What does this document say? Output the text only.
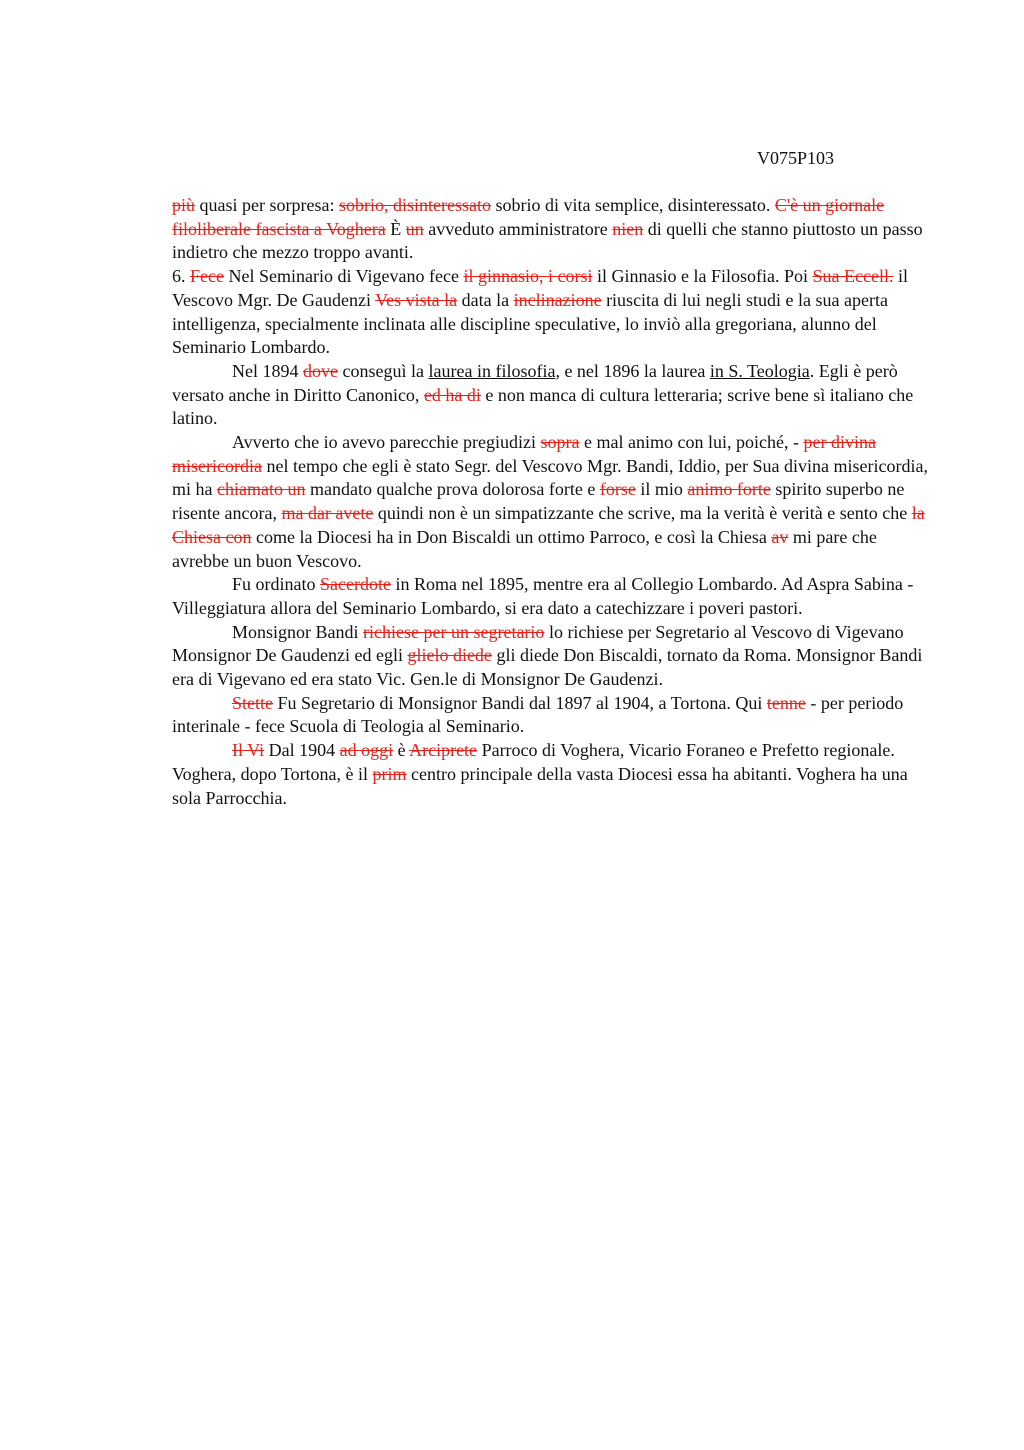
V075P103

più quasi per sorpresa: sobrio, disinteressato sobrio di vita semplice, disinteressato. C'è un giornale filoliberale fascista a Voghera È un avveduto amministratore nien di quelli che stanno piuttosto un passo indietro che mezzo troppo avanti.

6. Fece Nel Seminario di Vigevano fece il ginnasio, i corsi il Ginnasio e la Filosofia. Poi Sua Eccell. il Vescovo Mgr. De Gaudenzi Ves vista la data la inclinazione riuscita di lui negli studi e la sua aperta intelligenza, specialmente inclinata alle discipline speculative, lo inviò alla gregoriana, alunno del Seminario Lombardo.

Nel 1894 dove conseguì la laurea in filosofia, e nel 1896 la laurea in S. Teologia. Egli è però versato anche in Diritto Canonico, ed ha di e non manca di cultura letteraria; scrive bene sì italiano che latino.

Avverto che io avevo parecchie pregiudizi sopra e mal animo con lui, poiché, - per divina misericordia nel tempo che egli è stato Segr. del Vescovo Mgr. Bandi, Iddio, per Sua divina misericordia, mi ha chiamato un mandato qualche prova dolorosa forte e forse il mio animo forte spirito superbo ne risente ancora, ma dar avete quindi non è un simpatizzante che scrive, ma la verità è verità e sento che la Chiesa con come la Diocesi ha in Don Biscaldi un ottimo Parroco, e così la Chiesa av mi pare che avrebbe un buon Vescovo.

Fu ordinato Sacerdote in Roma nel 1895, mentre era al Collegio Lombardo. Ad Aspra Sabina - Villeggiatura allora del Seminario Lombardo, si era dato a catechizzare i poveri pastori.

Monsignor Bandi richiese per un segretario lo richiese per Segretario al Vescovo di Vigevano Monsignor De Gaudenzi ed egli glielo diede gli diede Don Biscaldi, tornato da Roma. Monsignor Bandi era di Vigevano ed era stato Vic. Gen.le di Monsignor De Gaudenzi.

Stette Fu Segretario di Monsignor Bandi dal 1897 al 1904, a Tortona. Qui tenne - per periodo interinale - fece Scuola di Teologia al Seminario.

Il Vi Dal 1904 ad oggi è Arciprete Parroco di Voghera, Vicario Foraneo e Prefetto regionale. Voghera, dopo Tortona, è il prim centro principale della vasta Diocesi essa ha abitanti. Voghera ha una sola Parrocchia.
